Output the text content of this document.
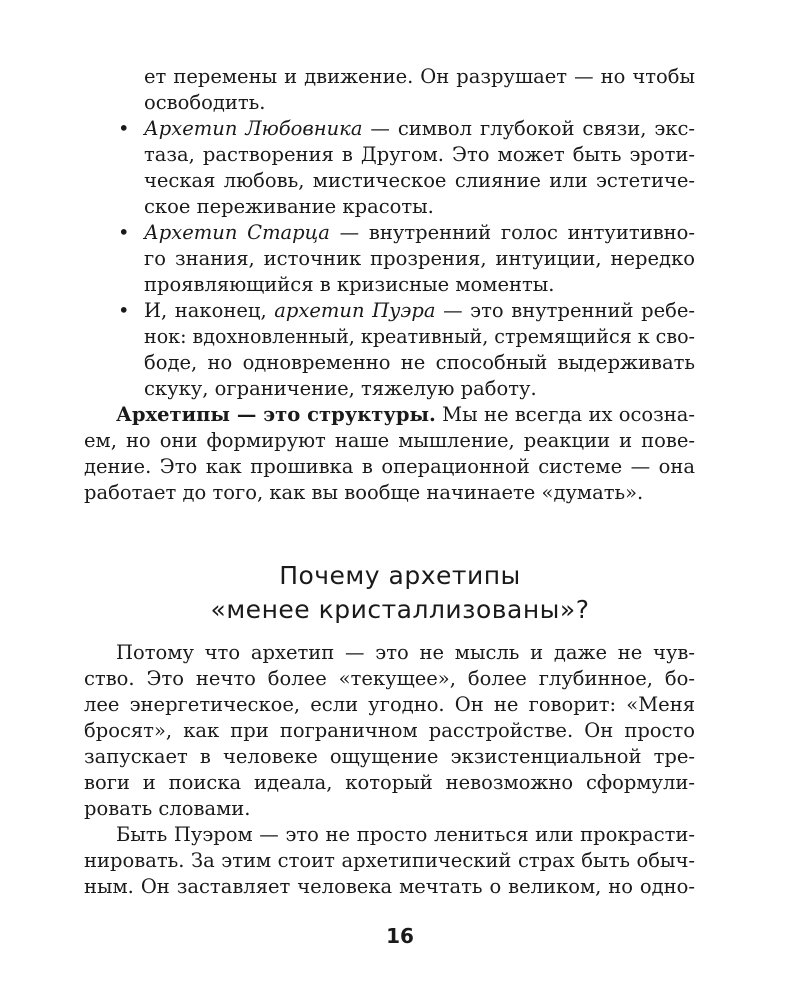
ет перемены и движение. Он разрушает — но чтобы
освободить.
• Архетип Любовника — символ глубокой связи, экс-
таза, растворения в Другом. Это может быть эроти-
ческая любовь, мистическое слияние или эстетиче-
ское переживание красоты.
• Архетип Старца — внутренний голос интуитивно-
го знания, источник прозрения, интуиции, нередко
проявляющийся в кризисные моменты.
• И, наконец, архетип Пуэра — это внутренний ребе-
нок: вдохновленный, креативный, стремящийся к сво-
боде, но одновременно не способный выдерживать
скуку, ограничение, тяжелую работу.
Архетипы — это структуры. Мы не всегда их осозна-
ем, но они формируют наше мышление, реакции и пове-
дение. Это как прошивка в операционной системе — она
работает до того, как вы вообще начинаете «думать».
Почему архетипы
«менее кристаллизованы»?
Потому что архетип — это не мысль и даже не чув-
ство. Это нечто более «текущее», более глубинное, бо-
лее энергетическое, если угодно. Он не говорит: «Меня
бросят», как при пограничном расстройстве. Он просто
запускает в человеке ощущение экзистенциальной тре-
воги и поиска идеала, который невозможно сформули-
ровать словами.
Быть Пуэром — это не просто лениться или прокрасти-
нировать. За этим стоит архетипический страх быть обыч-
ным. Он заставляет человека мечтать о великом, но одно-
16
